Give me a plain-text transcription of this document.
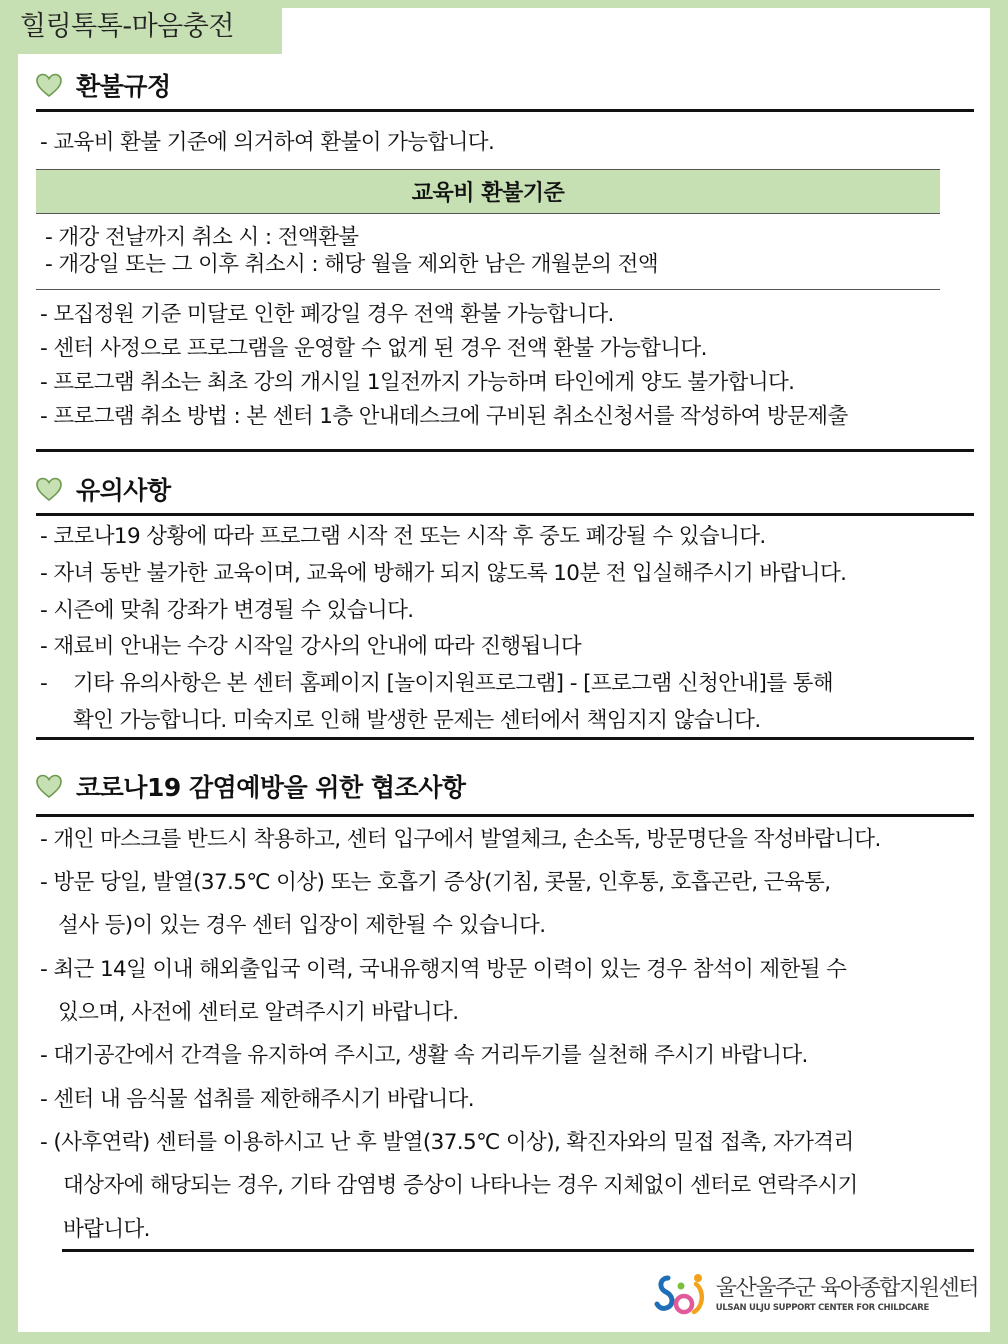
힐링톡톡-마음충전
환불규정
- 교육비 환불 기준에 의거하여 환불이 가능합니다.
교육비 환불기준
- 개강 전날까지 취소 시 : 전액환불
- 개강일 또는 그 이후 취소시 : 해당 월을 제외한 남은 개월분의 전액
- 모집정원 기준 미달로 인한 폐강일 경우 전액 환불 가능합니다.
- 센터 사정으로 프로그램을 운영할 수 없게 된 경우 전액 환불 가능합니다.
- 프로그램 취소는 최초 강의 개시일 1일전까지 가능하며 타인에게 양도 불가합니다.
- 프로그램 취소 방법 : 본 센터 1층 안내데스크에 구비된 취소신청서를 작성하여 방문제출
유의사항
- 코로나19 상황에 따라 프로그램 시작 전 또는 시작 후 중도 폐강될 수 있습니다.
- 자녀 동반 불가한 교육이며, 교육에 방해가 되지 않도록 10분 전 입실해주시기 바랍니다.
- 시즌에 맞춰 강좌가 변경될 수 있습니다.
- 재료비 안내는 수강 시작일 강사의 안내에 따라 진행됩니다
- 기타 유의사항은 본 센터 홈페이지 [놀이지원프로그램] - [프로그램 신청안내]를 통해
확인 가능합니다. 미숙지로 인해 발생한 문제는 센터에서 책임지지 않습니다.
코로나19 감염예방을 위한 협조사항
- 개인 마스크를 반드시 착용하고, 센터 입구에서 발열체크, 손소독, 방문명단을 작성바랍니다.
- 방문 당일, 발열(37.5℃ 이상) 또는 호흡기 증상(기침, 콧물, 인후통, 호흡곤란, 근육통,
설사 등)이 있는 경우 센터 입장이 제한될 수 있습니다.
- 최근 14일 이내 해외출입국 이력, 국내유행지역 방문 이력이 있는 경우 참석이 제한될 수
있으며, 사전에 센터로 알려주시기 바랍니다.
- 대기공간에서 간격을 유지하여 주시고, 생활 속 거리두기를 실천해 주시기 바랍니다.
- 센터 내 음식물 섭취를 제한해주시기 바랍니다.
- (사후연락) 센터를 이용하시고 난 후 발열(37.5℃ 이상), 확진자와의 밀접 접촉, 자가격리
대상자에 해당되는 경우, 기타 감염병 증상이 나타나는 경우 지체없이 센터로 연락주시기
바랍니다.
울산울주군 육아종합지원센터
ULSAN ULJU SUPPORT CENTER FOR CHILDCARE
